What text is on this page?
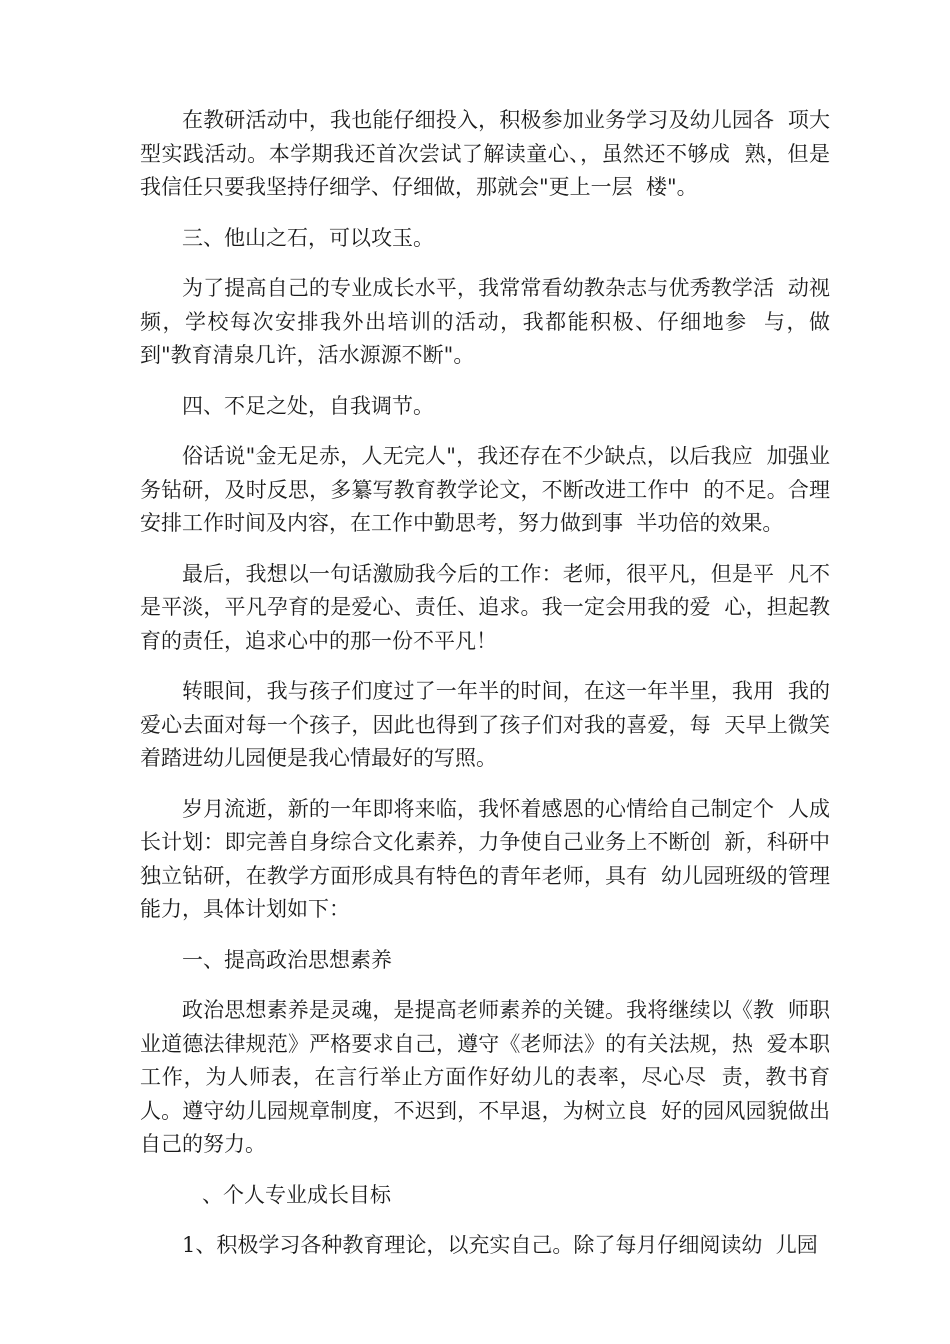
在教研活动中，我也能仔细投入，积极参加业务学习及幼儿园各  项大型实践活动。本学期我还首次尝试了解读童心、，虽然还不够成  熟，但是我信任只要我坚持仔细学、仔细做，那就会"更上一层  楼"。

三、他山之石，可以攻玉。

为了提高自己的专业成长水平，我常常看幼教杂志与优秀教学活  动视频，学校每次安排我外出培训的活动，我都能积极、仔细地参  与，做到"教育清泉几许，活水源源不断"。

四、不足之处，自我调节。

俗话说"金无足赤，人无完人"，我还存在不少缺点，以后我应  加强业务钻研，及时反思，多纂写教育教学论文，不断改进工作中  的不足。合理安排工作时间及内容，在工作中勤思考，努力做到事  半功倍的效果。

最后，我想以一句话激励我今后的工作：老师，很平凡，但是平  凡不是平淡，平凡孕育的是爱心、责任、追求。我一定会用我的爱  心，担起教育的责任，追求心中的那一份不平凡！

转眼间，我与孩子们度过了一年半的时间，在这一年半里，我用  我的爱心去面对每一个孩子，因此也得到了孩子们对我的喜爱，每  天早上微笑着踏进幼儿园便是我心情最好的写照。

岁月流逝，新的一年即将来临，我怀着感恩的心情给自己制定个  人成长计划：即完善自身综合文化素养，力争使自己业务上不断创  新，科研中独立钻研，在教学方面形成具有特色的青年老师，具有  幼儿园班级的管理能力，具体计划如下：

一、提高政治思想素养

政治思想素养是灵魂，是提高老师素养的关键。我将继续以《教  师职业道德法律规范》严格要求自己，遵守《老师法》的有关法规，热  爱本职工作，为人师表，在言行举止方面作好幼儿的表率，尽心尽  责，教书育人。遵守幼儿园规章制度，不迟到，不早退，为树立良  好的园风园貌做出自己的努力。

、个人专业成长目标

1、积极学习各种教育理论，以充实自己。除了每月仔细阅读幼  儿园
